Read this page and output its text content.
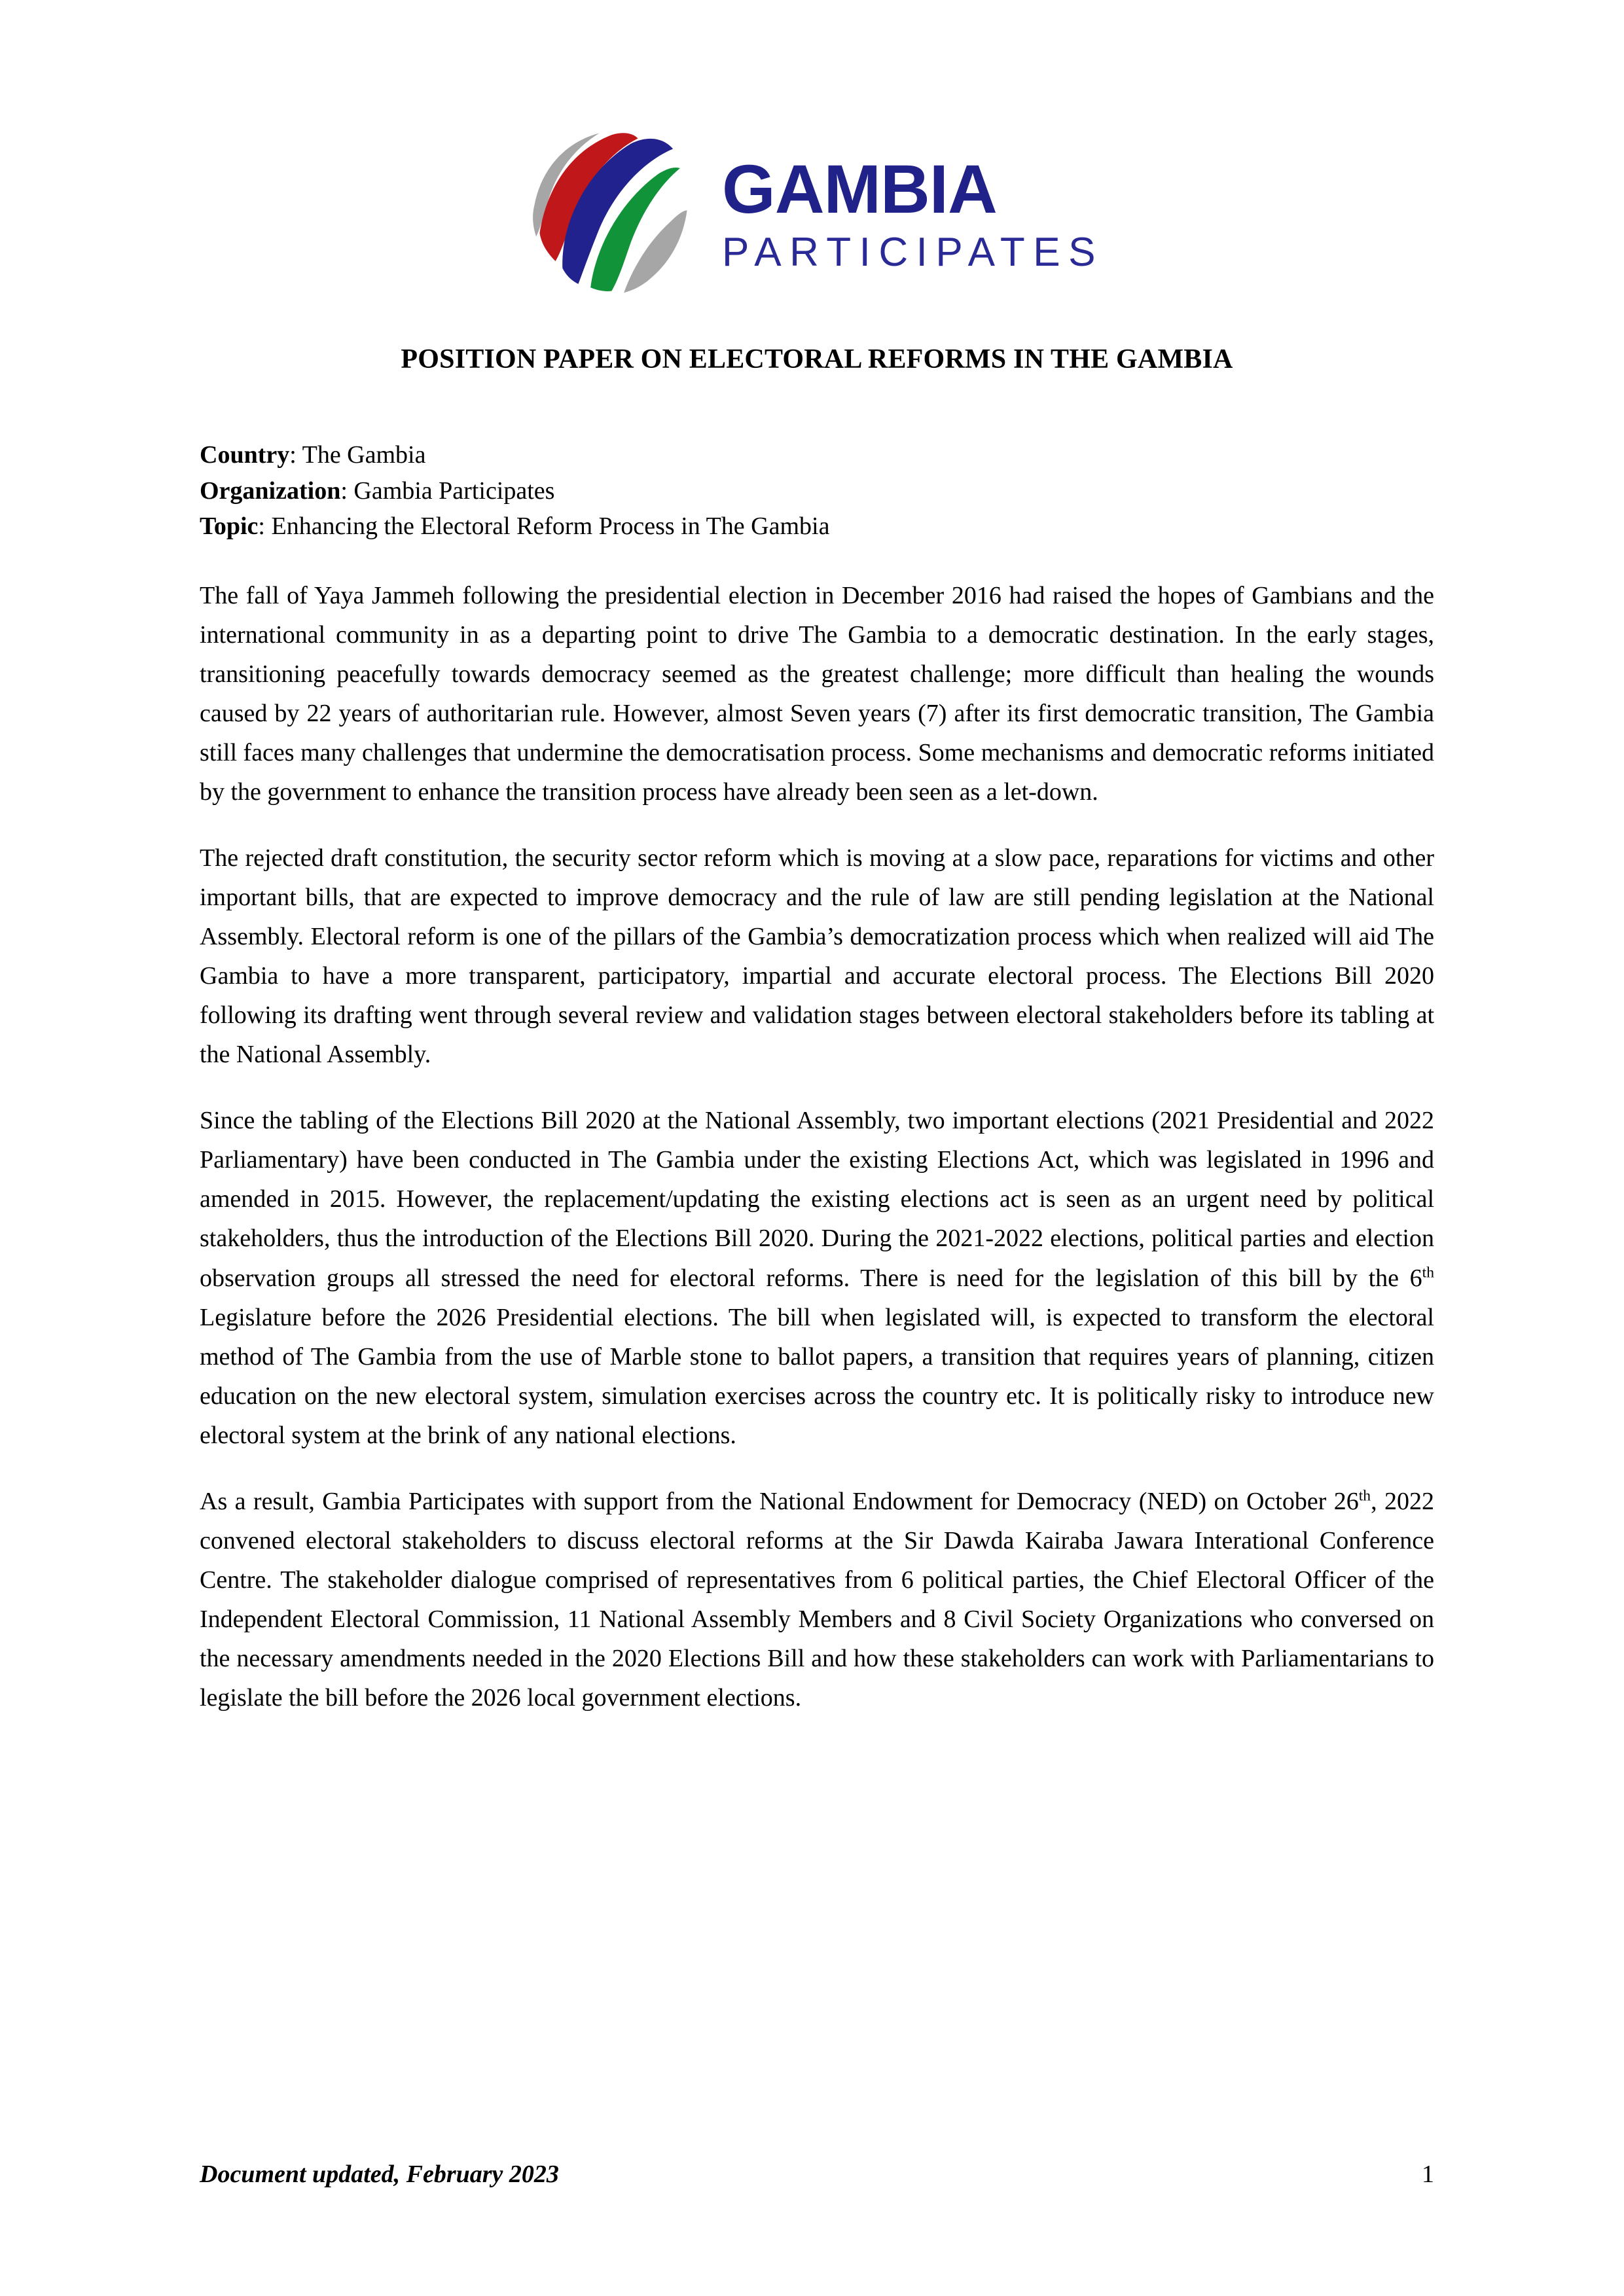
GAMBIA
PARTICIPATES
POSITION PAPER ON ELECTORAL REFORMS IN THE GAMBIA
Country: The Gambia
Organization: Gambia Participates
Topic: Enhancing the Electoral Reform Process in The Gambia

The fall of Yaya Jammeh following the presidential election in December 2016 had raised the hopes of Gambians and the international community in as a departing point to drive The Gambia to a democratic destination. In the early stages, transitioning peacefully towards democracy seemed as the greatest challenge; more difficult than healing the wounds caused by 22 years of authoritarian rule. However, almost Seven years (7) after its first democratic transition, The Gambia still faces many challenges that undermine the democratisation process. Some mechanisms and democratic reforms initiated by the government to enhance the transition process have already been seen as a let-down.

The rejected draft constitution, the security sector reform which is moving at a slow pace, reparations for victims and other important bills, that are expected to improve democracy and the rule of law are still pending legislation at the National Assembly. Electoral reform is one of the pillars of the Gambia’s democratization process which when realized will aid The Gambia to have a more transparent, participatory, impartial and accurate electoral process. The Elections Bill 2020 following its drafting went through several review and validation stages between electoral stakeholders before its tabling at the National Assembly.

Since the tabling of the Elections Bill 2020 at the National Assembly, two important elections (2021 Presidential and 2022 Parliamentary) have been conducted in The Gambia under the existing Elections Act, which was legislated in 1996 and amended in 2015. However, the replacement/updating the existing elections act is seen as an urgent need by political stakeholders, thus the introduction of the Elections Bill 2020. During the 2021-2022 elections, political parties and election observation groups all stressed the need for electoral reforms. There is need for the legislation of this bill by the 6th Legislature before the 2026 Presidential elections. The bill when legislated will, is expected to transform the electoral method of The Gambia from the use of Marble stone to ballot papers, a transition that requires years of planning, citizen education on the new electoral system, simulation exercises across the country etc. It is politically risky to introduce new electoral system at the brink of any national elections.

As a result, Gambia Participates with support from the National Endowment for Democracy (NED) on October 26th, 2022 convened electoral stakeholders to discuss electoral reforms at the Sir Dawda Kairaba Jawara Interational Conference Centre. The stakeholder dialogue comprised of representatives from 6 political parties, the Chief Electoral Officer of the Independent Electoral Commission, 11 National Assembly Members and 8 Civil Society Organizations who conversed on the necessary amendments needed in the 2020 Elections Bill and how these stakeholders can work with Parliamentarians to legislate the bill before the 2026 local government elections.

Document updated, February 2023	1
